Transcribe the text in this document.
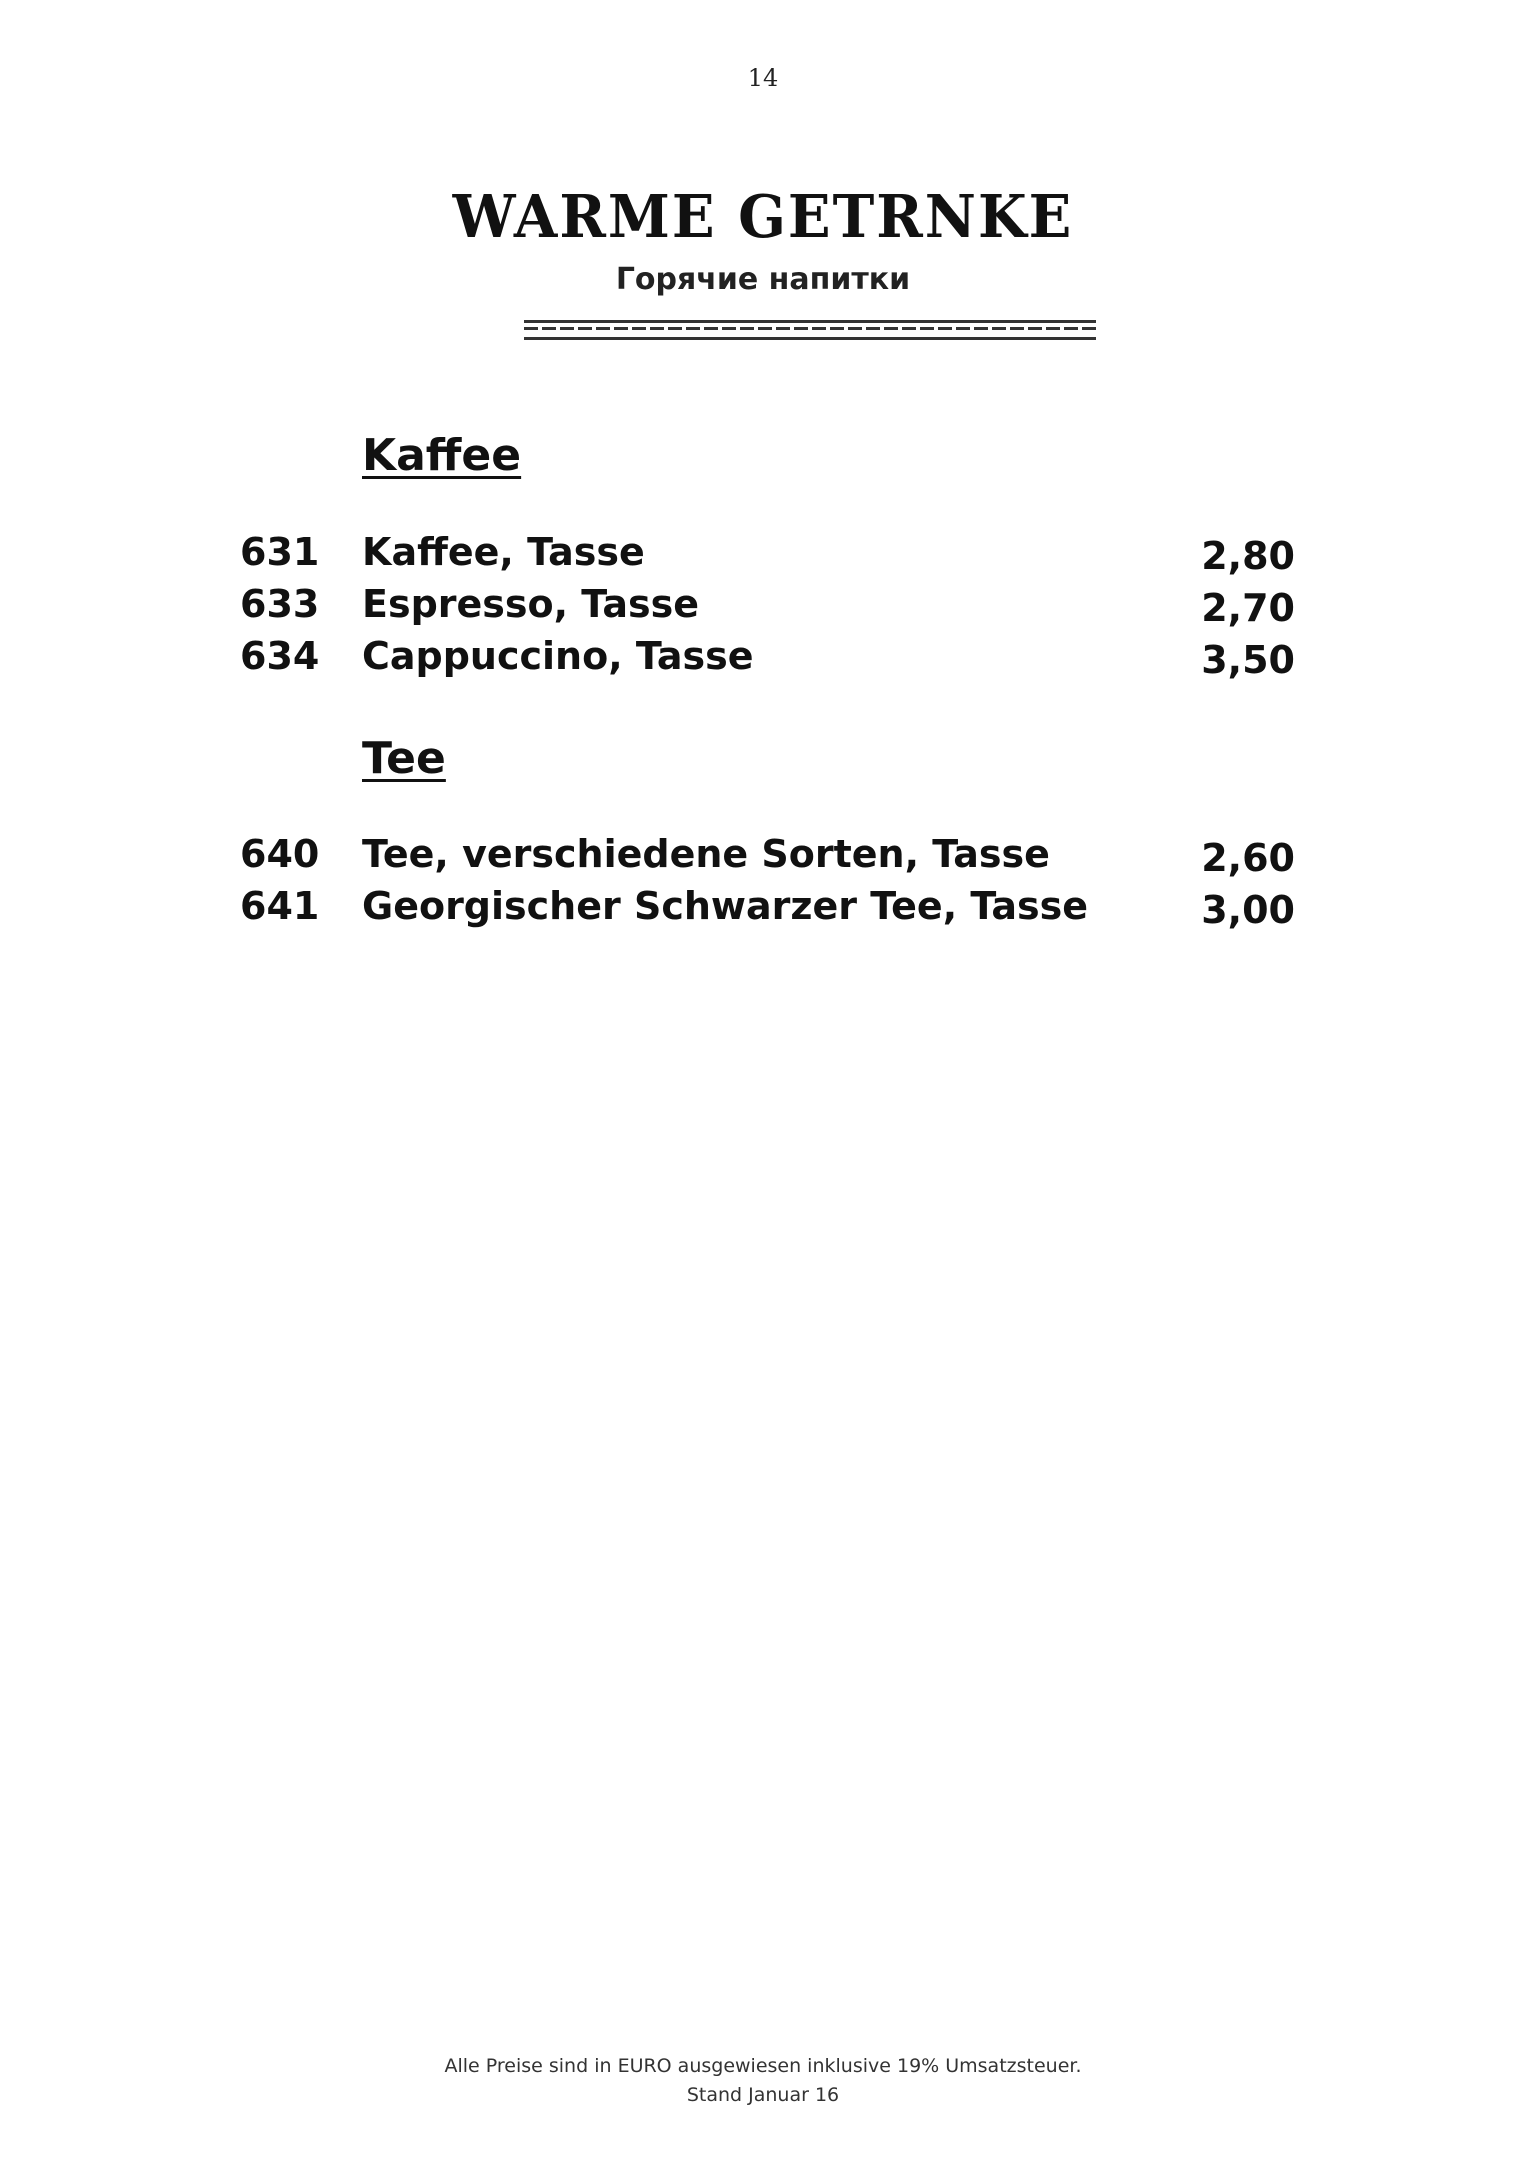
14
WARME GETRNKE
Горячие напитки
Kaffee
631 Kaffee, Tasse	2,80
633 Espresso, Tasse	2,70
634 Cappuccino, Tasse	3,50
Tee
640 Tee, verschiedene Sorten, Tasse	2,60
641 Georgischer Schwarzer Tee, Tasse	3,00
Alle Preise sind in EURO ausgewiesen inklusive 19% Umsatzsteuer.
Stand Januar 16
